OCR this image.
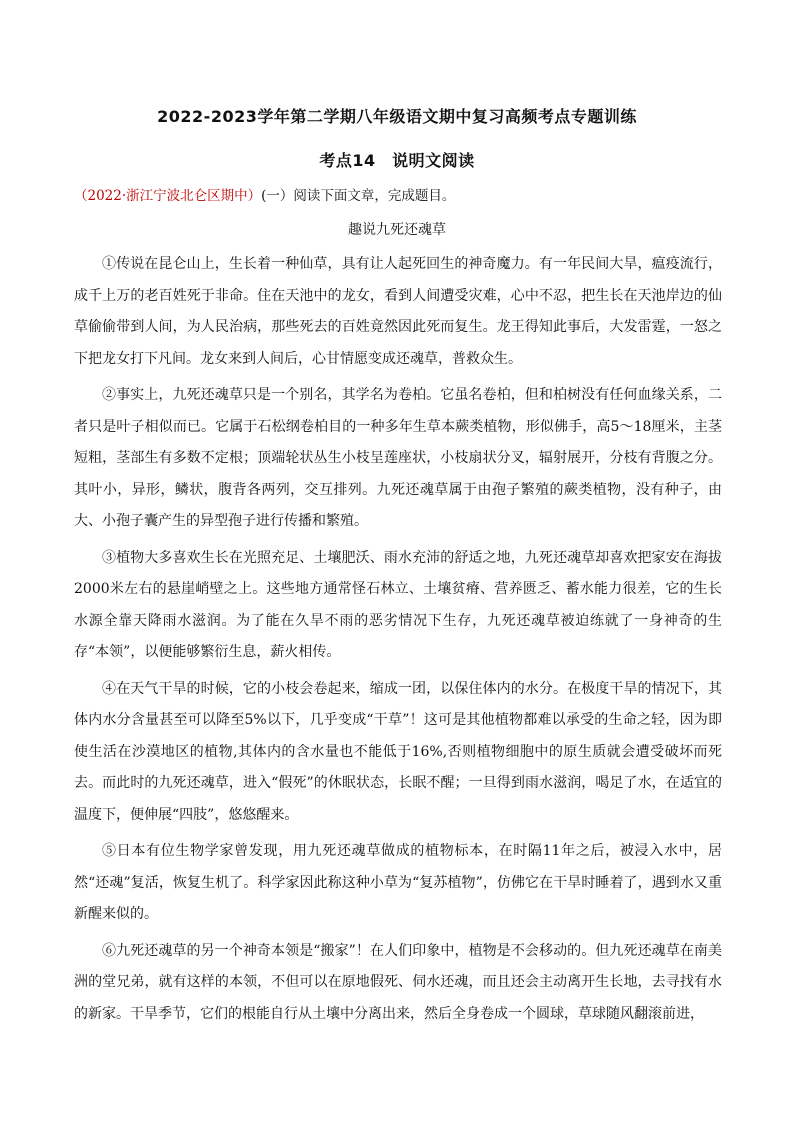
2022-2023学年第二学期八年级语文期中复习高频考点专题训练
考点14　说明文阅读
（2022·浙江宁波北仑区期中）(一）阅读下面文章，完成题目。
趣说九死还魂草

①传说在昆仑山上，生长着一种仙草，具有让人起死回生的神奇魔力。有一年民间大旱，瘟疫流行，成千上万的老百姓死于非命。住在天池中的龙女，看到人间遭受灾难，心中不忍，把生长在天池岸边的仙草偷偷带到人间，为人民治病，那些死去的百姓竟然因此死而复生。龙王得知此事后，大发雷霆，一怒之下把龙女打下凡间。龙女来到人间后，心甘情愿变成还魂草，普救众生。

②事实上，九死还魂草只是一个别名，其学名为卷柏。它虽名卷柏，但和柏树没有任何血缘关系，二者只是叶子相似而已。它属于石松纲卷柏目的一种多年生草本蕨类植物，形似佛手，高5～18厘米，主茎短粗，茎部生有多数不定根；顶端轮状丛生小枝呈莲座状，小枝扇状分叉，辐射展开，分枝有背腹之分。其叶小，异形，鳞状，腹背各两列，交互排列。九死还魂草属于由孢子繁殖的蕨类植物，没有种子，由大、小孢子囊产生的异型孢子进行传播和繁殖。

③植物大多喜欢生长在光照充足、土壤肥沃、雨水充沛的舒适之地，九死还魂草却喜欢把家安在海拔2000米左右的悬崖峭壁之上。这些地方通常怪石林立、土壤贫瘠、营养匮乏、蓄水能力很差，它的生长水源全靠天降雨水滋润。为了能在久旱不雨的恶劣情况下生存，九死还魂草被迫练就了一身神奇的生存“本领”，以便能够繁衍生息，薪火相传。

④在天气干旱的时候，它的小枝会卷起来，缩成一团，以保住体内的水分。在极度干旱的情况下，其体内水分含量甚至可以降至5%以下，几乎变成“干草”！这可是其他植物都难以承受的生命之轻，因为即使生活在沙漠地区的植物,其体内的含水量也不能低于16%,否则植物细胞中的原生质就会遭受破坏而死去。而此时的九死还魂草，进入“假死”的休眠状态，长眠不醒；一旦得到雨水滋润，喝足了水，在适宜的温度下，便伸展“四肢”，悠悠醒来。

⑤日本有位生物学家曾发现，用九死还魂草做成的植物标本，在时隔11年之后，被浸入水中，居然“还魂”复活，恢复生机了。科学家因此称这种小草为“复苏植物”，仿佛它在干旱时睡着了，遇到水又重新醒来似的。

⑥九死还魂草的另一个神奇本领是“搬家”！在人们印象中，植物是不会移动的。但九死还魂草在南美洲的堂兄弟，就有这样的本领，不但可以在原地假死、伺水还魂，而且还会主动离开生长地，去寻找有水的新家。干旱季节，它们的根能自行从土壤中分离出来，然后全身卷成一个圆球，草球随风翻滚前进，
